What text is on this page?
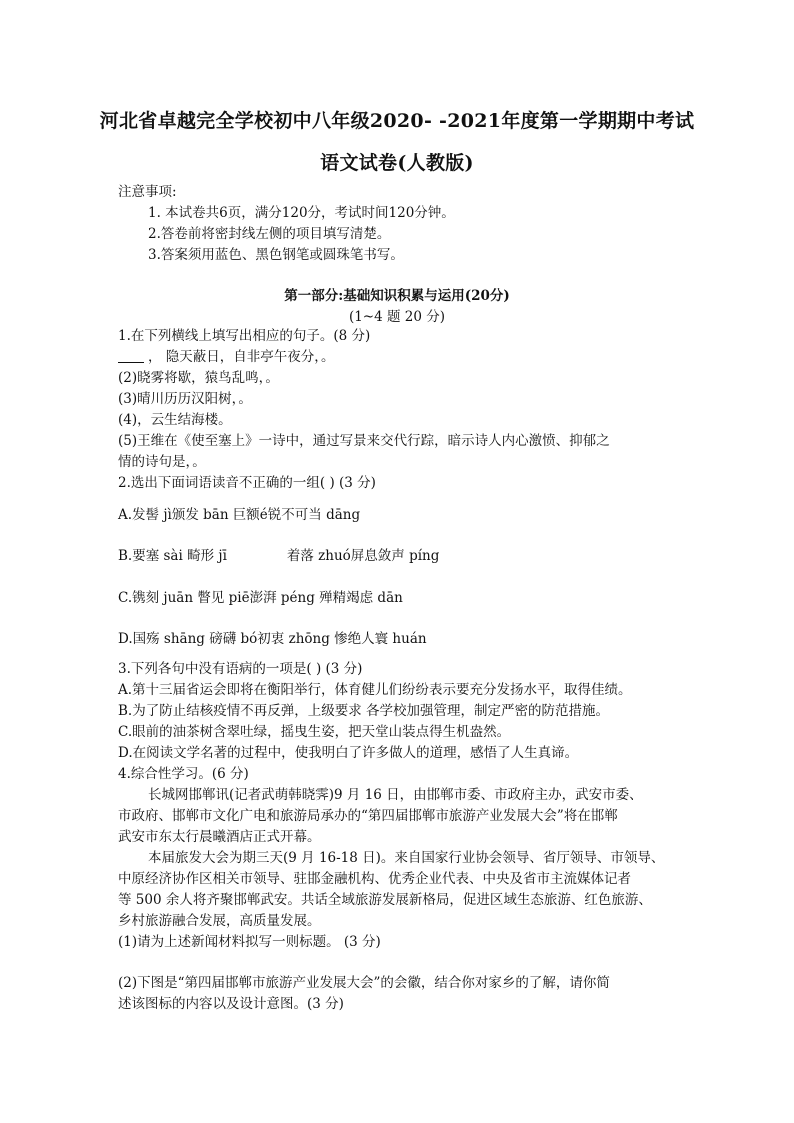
河北省卓越完全学校初中八年级2020- -2021年度第一学期期中考试
语文试卷(人教版)
注意事项:
1. 本试卷共6页，满分120分，考试时间120分钟。
2.答卷前将密封线左侧的项目填写清楚。
3.答案须用蓝色、黑色钢笔或圆珠笔书写。
第一部分:基础知识积累与运用(20分)
(1~4 题 20 分)
1.在下列横线上填写出相应的句子。(8 分)
， 隐天蔽日，自非亭午夜分，。
(2)晓雾将歇，猿鸟乱鸣，。
(3)晴川历历汉阳树，。
(4)，云生结海楼。
(5)王维在《使至塞上》一诗中，通过写景来交代行踪，暗示诗人内心激愤、抑郁之
情的诗句是，。
2.选出下面词语读音不正确的一组( ) (3 分)
A.发髻 jì颁发 bān 巨额é锐不可当 dāng
B.要塞 sài 畸形 jī	着落 zhuó屏息敛声 píng
C.镌刻 juān 瞥见 piē澎湃 péng 殚精竭虑 dān
D.国殇 shāng 磅礴 bó初衷 zhōng 惨绝人寰 huán
3.下列各句中没有语病的一项是( ) (3 分)
A.第十三届省运会即将在衡阳举行，体育健儿们纷纷表示要充分发扬水平，取得佳绩。
B.为了防止结核疫情不再反弹，上级要求 各学校加强管理，制定严密的防范措施。
C.眼前的油茶树含翠吐绿，摇曳生姿，把天堂山装点得生机盎然。
D.在阅读文学名著的过程中，使我明白了许多做人的道理，感悟了人生真谛。
4.综合性学习。(6 分)
长城网邯郸讯(记者武萌韩晓霁)9 月 16 日，由邯郸市委、市政府主办，武安市委、
市政府、邯郸市文化广电和旅游局承办的“第四届邯郸市旅游产业发展大会”将在邯郸
武安市东太行晨曦酒店正式开幕。
本届旅发大会为期三天(9 月 16-18 日)。来自国家行业协会领导、省厅领导、市领导、
中原经济协作区相关市领导、驻邯金融机构、优秀企业代表、中央及省市主流媒体记者
等 500 余人将齐聚邯郸武安。共话全域旅游发展新格局，促进区域生态旅游、红色旅游、
乡村旅游融合发展，高质量发展。
(1)请为上述新闻材料拟写一则标题。 (3 分)
(2)下图是“第四届邯郸市旅游产业发展大会”的会徽，结合你对家乡的了解，请你简
述该图标的内容以及设计意图。(3 分)
